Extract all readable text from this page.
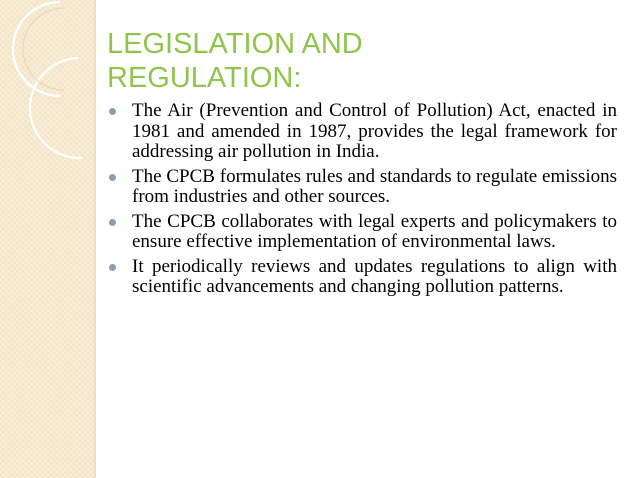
LEGISLATION AND
REGULATION:
The Air (Prevention and Control of Pollution) Act, enacted in 1981 and amended in 1987, provides the legal framework for addressing air pollution in India.
The CPCB formulates rules and standards to regulate emissions from industries and other sources.
The CPCB collaborates with legal experts and policymakers to ensure effective implementation of environmental laws.
It periodically reviews and updates regulations to align with scientific advancements and changing pollution patterns.
